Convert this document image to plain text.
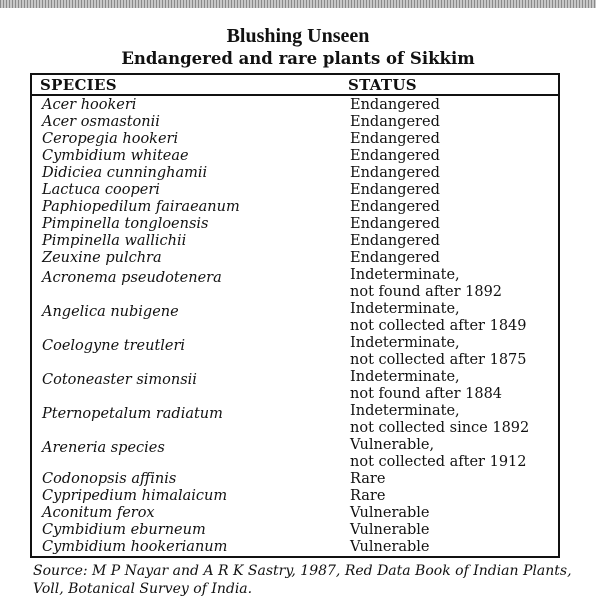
Blushing Unseen
Endangered and rare plants of Sikkim
SPECIES	STATUS
Acer hookeri	Endangered
Acer osmastonii	Endangered
Ceropegia hookeri	Endangered
Cymbidium whiteae	Endangered
Didiciea cunninghamii	Endangered
Lactuca cooperi	Endangered
Paphiopedilum fairaeanum	Endangered
Pimpinella tongloensis	Endangered
Pimpinella wallichii	Endangered
Zeuxine pulchra	Endangered
Acronema pseudotenera	Indeterminate,
not found after 1892
Angelica nubigene	Indeterminate,
not collected after 1849
Coelogyne treutleri	Indeterminate,
not collected after 1875
Cotoneaster simonsii	Indeterminate,
not found after 1884
Pternopetalum radiatum	Indeterminate,
not collected since 1892
Areneria species	Vulnerable,
not collected after 1912
Codonopsis affinis	Rare
Cypripedium himalaicum	Rare
Aconitum ferox	Vulnerable
Cymbidium eburneum	Vulnerable
Cymbidium hookerianum	Vulnerable
Source: M P Nayar and A R K Sastry, 1987, Red Data Book of Indian Plants, Voll, Botanical Survey of India.
